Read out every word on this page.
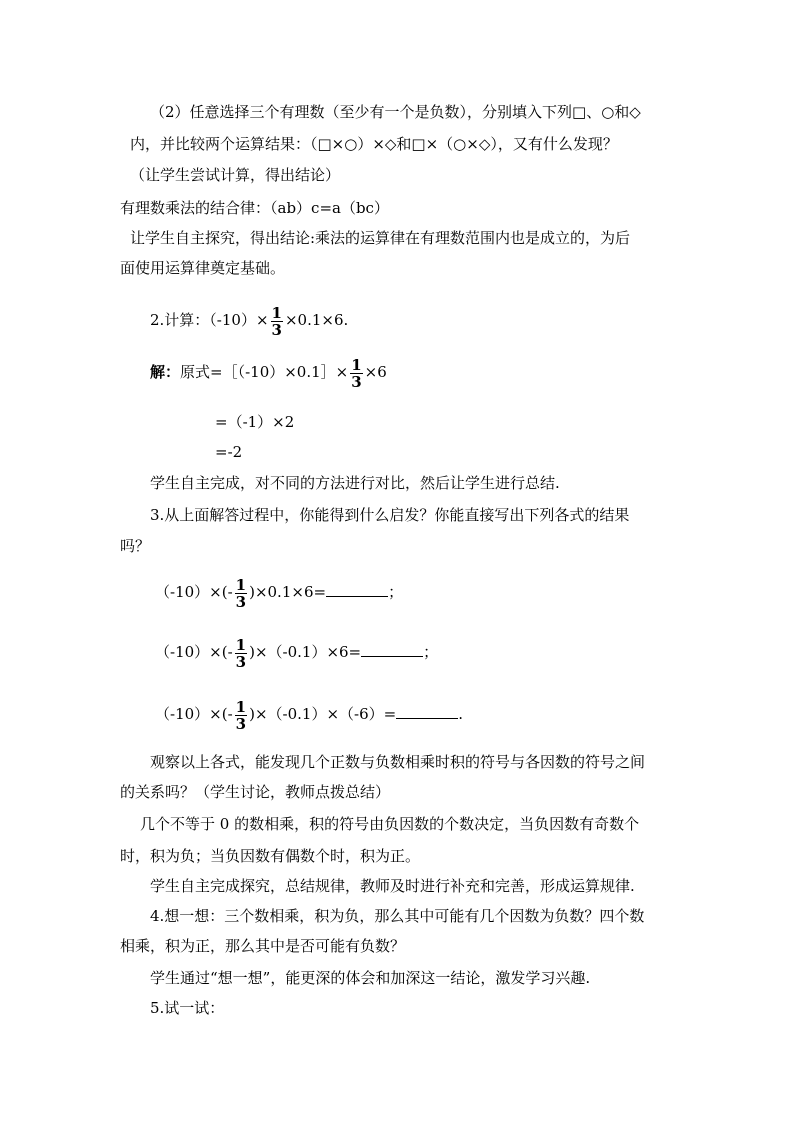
（2）任意选择三个有理数（至少有一个是负数），分别填入下列□、○和◇
内，并比较两个运算结果：（□×○）×◇和□×（○×◇），又有什么发现？
（让学生尝试计算，得出结论）
有理数乘法的结合律：（ab）c=a（bc）
让学生自主探究，得出结论:乘法的运算律在有理数范围内也是成立的，为后
面使用运算律奠定基础。
2.计算：$(-10)\times \frac{1}{3} \times 0.1\times 6$.
解：原式=［（-10）×0.1］× $\frac{1}{3} \times 6$
=（-1）×2
=-2
学生自主完成，对不同的方法进行对比，然后让学生进行总结.
3.从上面解答过程中，你能得到什么启发？你能直接写出下列各式的结果
吗？
$(-10)\times(- \frac{1}{3} )\times 0.1\times 6=$	；
$(-10)\times(- \frac{1}{3} )\times(-0.1)\times 6=$	；
$(-10)\times(- \frac{1}{3} )\times(-0.1)\times(-6)=$	.
观察以上各式，能发现几个正数与负数相乘时积的符号与各因数的符号之间
的关系吗？（学生讨论，教师点拨总结）
几个不等于 0 的数相乘，积的符号由负因数的个数决定，当负因数有奇数个
时，积为负；当负因数有偶数个时，积为正。
学生自主完成探究，总结规律，教师及时进行补充和完善，形成运算规律.
4.想一想：三个数相乘，积为负，那么其中可能有几个因数为负数？四个数
相乘，积为正，那么其中是否可能有负数？
学生通过“想一想”，能更深的体会和加深这一结论，激发学习兴趣.
5.试一试：
